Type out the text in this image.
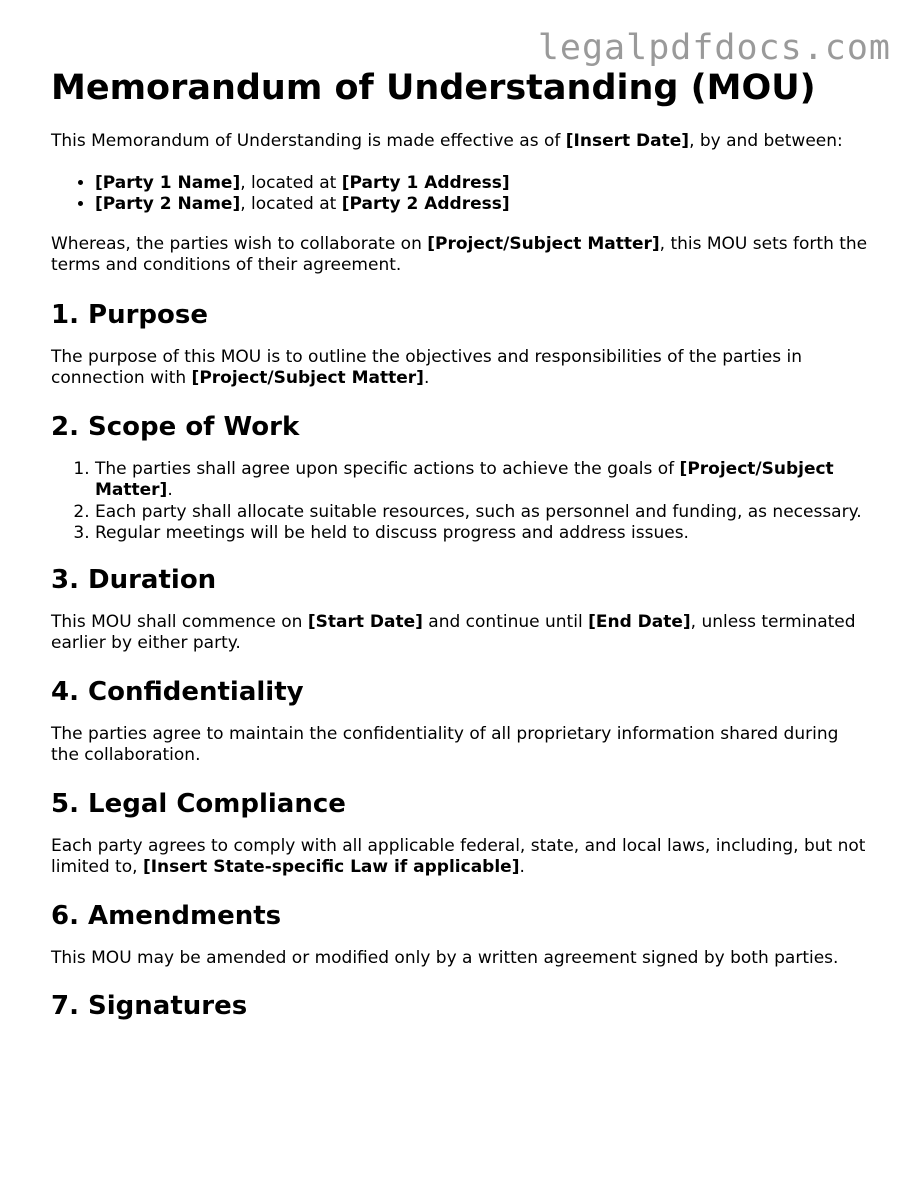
legalpdfdocs.com
Memorandum of Understanding (MOU)

This Memorandum of Understanding is made effective as of [Insert Date], by and between:

• [Party 1 Name], located at [Party 1 Address]
• [Party 2 Name], located at [Party 2 Address]

Whereas, the parties wish to collaborate on [Project/Subject Matter], this MOU sets forth the terms and conditions of their agreement.

1. Purpose

The purpose of this MOU is to outline the objectives and responsibilities of the parties in connection with [Project/Subject Matter].

2. Scope of Work
1. The parties shall agree upon specific actions to achieve the goals of [Project/Subject Matter].
2. Each party shall allocate suitable resources, such as personnel and funding, as necessary.
3. Regular meetings will be held to discuss progress and address issues.
3. Duration

This MOU shall commence on [Start Date] and continue until [End Date], unless terminated earlier by either party.

4. Confidentiality

The parties agree to maintain the confidentiality of all proprietary information shared during the collaboration.

5. Legal Compliance

Each party agrees to comply with all applicable federal, state, and local laws, including, but not limited to, [Insert State-specific Law if applicable].

6. Amendments

This MOU may be amended or modified only by a written agreement signed by both parties.

7. Signatures
